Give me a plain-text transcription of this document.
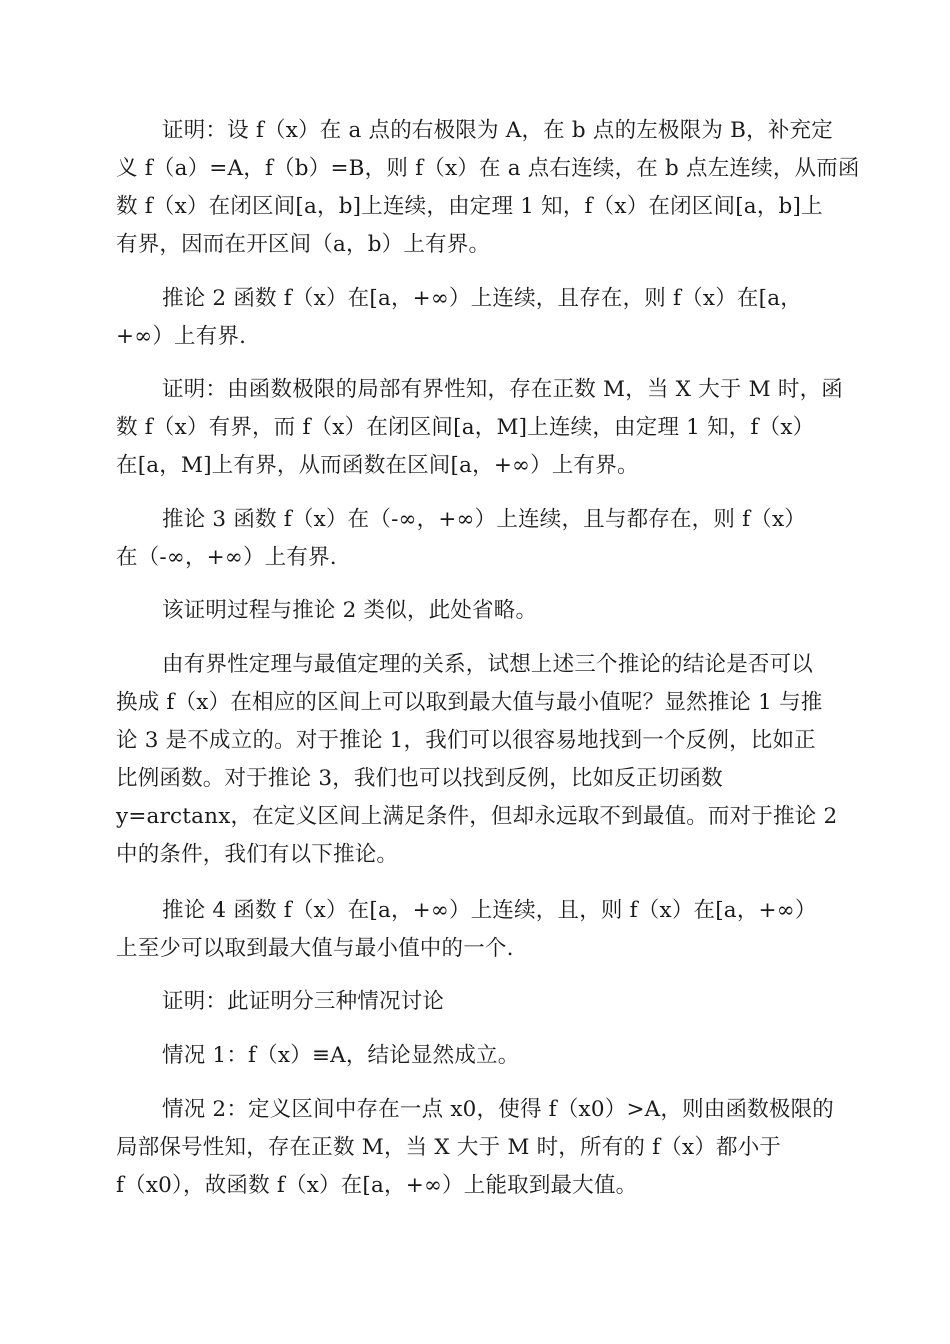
证明：设 f（x）在 a 点的右极限为 A，在 b 点的左极限为 B，补充定
义 f（a）=A，f（b）=B，则 f（x）在 a 点右连续，在 b 点左连续，从而函
数 f（x）在闭区间[a，b]上连续，由定理 1 知，f（x）在闭区间[a，b]上
有界，因而在开区间（a，b）上有界。

推论 2 函数 f（x）在[a，+∞）上连续，且存在，则 f（x）在[a，
+∞）上有界.

证明：由函数极限的局部有界性知，存在正数 M，当 X 大于 M 时，函
数 f（x）有界，而 f（x）在闭区间[a，M]上连续，由定理 1 知，f（x）
在[a，M]上有界，从而函数在区间[a，+∞）上有界。

推论 3 函数 f（x）在（-∞，+∞）上连续，且与都存在，则 f（x）
在（-∞，+∞）上有界.

该证明过程与推论 2 类似，此处省略。

由有界性定理与最值定理的关系，试想上述三个推论的结论是否可以
换成 f（x）在相应的区间上可以取到最大值与最小值呢？显然推论 1 与推
论 3 是不成立的。对于推论 1，我们可以很容易地找到一个反例，比如正
比例函数。对于推论 3，我们也可以找到反例，比如反正切函数
y=arctanx，在定义区间上满足条件，但却永远取不到最值。而对于推论 2
中的条件，我们有以下推论。

推论 4 函数 f（x）在[a，+∞）上连续，且，则 f（x）在[a，+∞）
上至少可以取到最大值与最小值中的一个.

证明：此证明分三种情况讨论

情况 1：f（x）≡A，结论显然成立。

情况 2：定义区间中存在一点 x0，使得 f（x0）>A，则由函数极限的
局部保号性知，存在正数 M，当 X 大于 M 时，所有的 f（x）都小于
f（x0），故函数 f（x）在[a，+∞）上能取到最大值。
